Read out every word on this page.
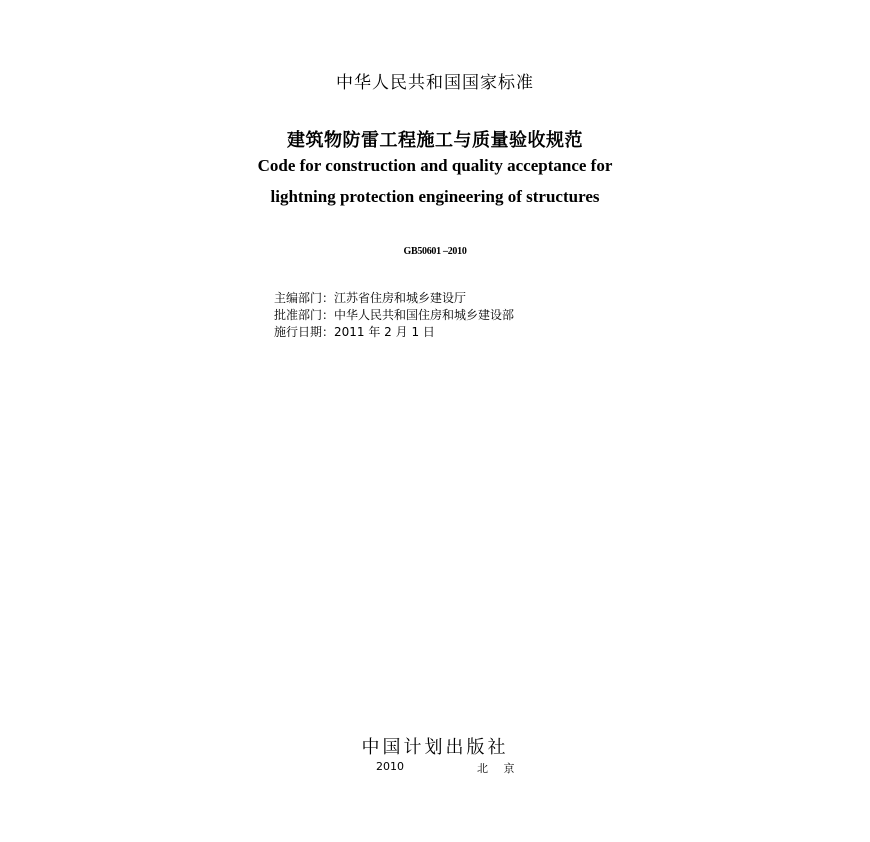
中华人民共和国国家标准
建筑物防雷工程施工与质量验收规范
Code for construction and quality acceptance for
lightning protection engineering of structures
GB50601 –2010
主编部门：江苏省住房和城乡建设厅
批准部门：中华人民共和国住房和城乡建设部
施行日期：2011 年 2 月 1 日
中国计划出版社
2010	北 京
